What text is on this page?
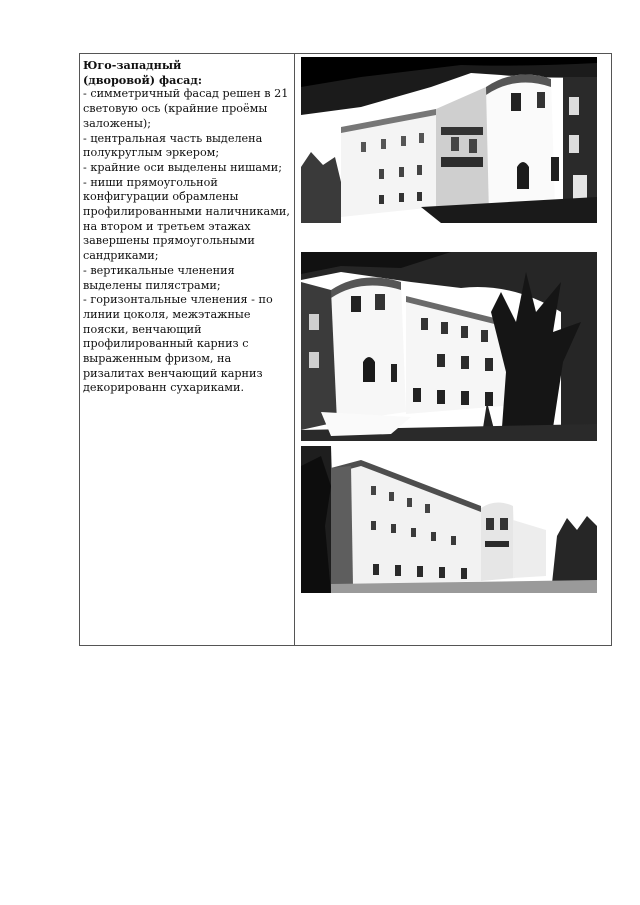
Юго-западный

(дворовой) фасад:

- симметричный фасад решен в 21 световую ось (крайние проёмы заложены);

- центральная часть выделена полукруглым эркером;

- крайние оси выделены нишами;

- ниши прямоугольной конфигурации обрамлены профилированными наличниками, на втором и третьем этажах завершены прямоугольными сандриками;

- вертикальные членения выделены пилястрами;

- горизонтальные членения - по линии цоколя, межэтажные пояски, венчающий профилированный карниз с выраженным фризом, на ризалитах венчающий карниз декорированн сухариками.
